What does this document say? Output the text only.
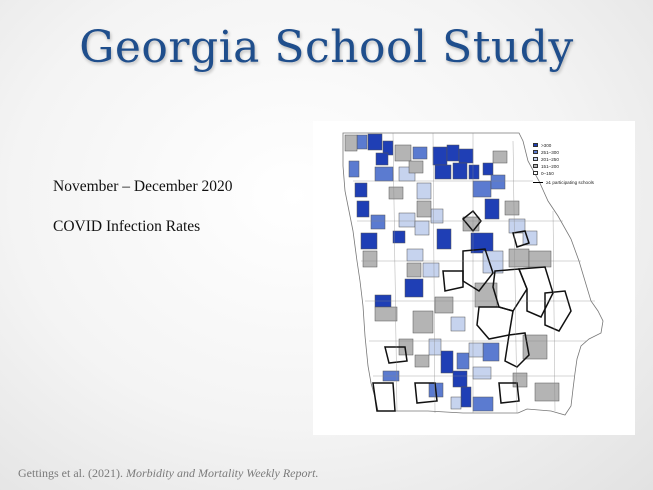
Georgia School Study
November – December 2020
COVID Infection Rates
>300
251–300
201–250
151–200
0–150
≥1 participating schools
Gettings et al. (2021). Morbidity and Mortality Weekly Report.
